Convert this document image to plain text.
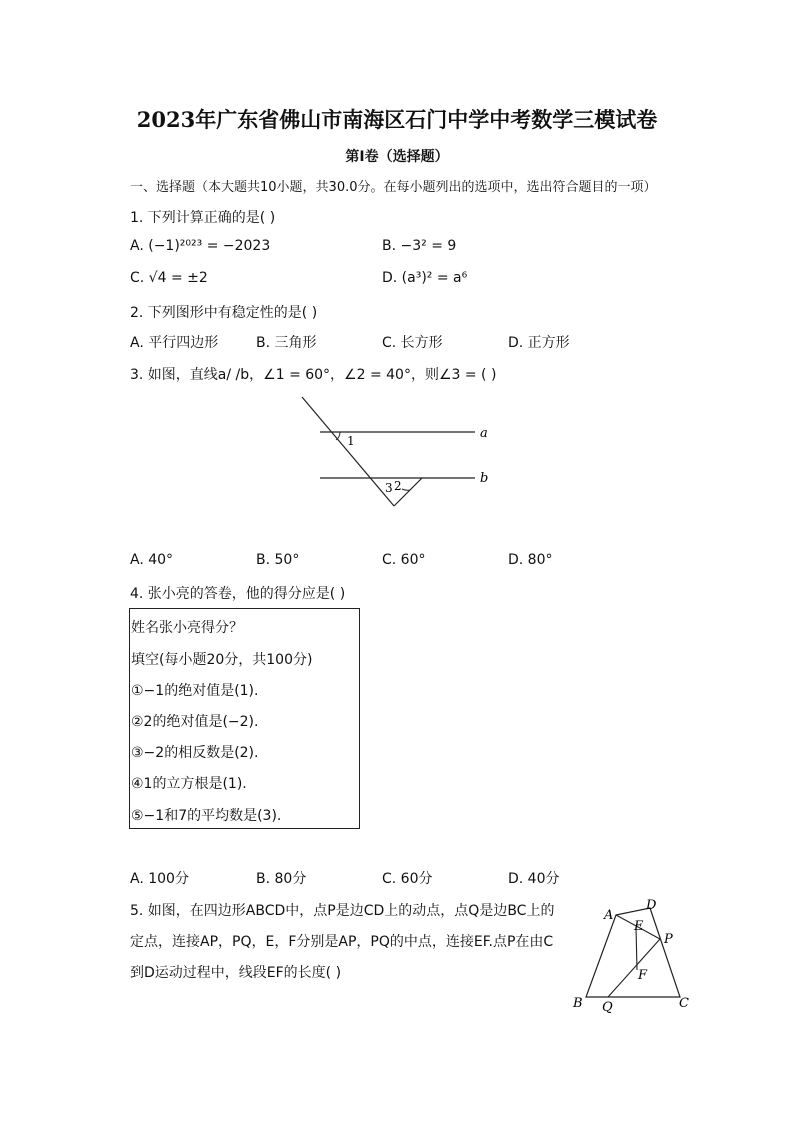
2023年广东省佛山市南海区石门中学中考数学三模试卷
第I卷（选择题）
一、选择题（本大题共10小题，共30.0分。在每小题列出的选项中，选出符合题目的一项）
1. 下列计算正确的是( )
A. (−1)²⁰²³ = −2023	B. −3² = 9
C. √4 = ±2	D. (a³)² = a⁶
2. 下列图形中有稳定性的是( )
A. 平行四边形	B. 三角形	C. 长方形	D. 正方形
3. 如图，直线a/ /b，∠1 = 60°，∠2 = 40°，则∠3 = ( )
a
b
1
2
3
A. 40°	B. 50°	C. 60°	D. 80°
4. 张小亮的答卷，他的得分应是( )
姓名张小亮得分？
填空(每小题20分，共100分)
①−1的绝对值是(1).
②2的绝对值是(−2).
③−2的相反数是(2).
④1的立方根是(1).
⑤−1和7的平均数是(3).
A. 100分	B. 80分	C. 60分	D. 40分
5. 如图，在四边形ABCD中，点P是边CD上的动点，点Q是边BC上的
定点，连接AP，PQ，E，F分别是AP，PQ的中点，连接EF.点P在由C
到D运动过程中，线段EF的长度( )
A
D
E
P
F
B Q	C
